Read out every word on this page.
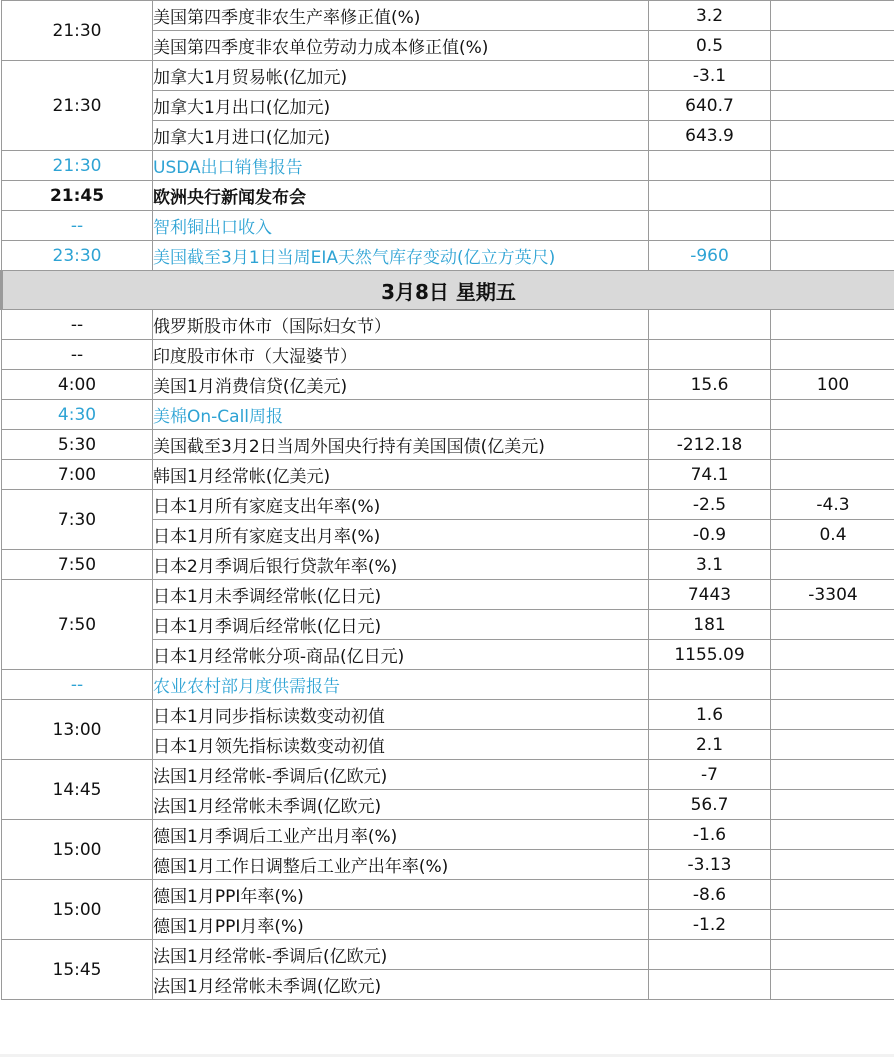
21:30	美国第四季度非农生产率修正值(%)	3.2	
	美国第四季度非农单位劳动力成本修正值(%)	0.5	
21:30	加拿大1月贸易帐(亿加元)	-3.1	
	加拿大1月出口(亿加元)	640.7	
	加拿大1月进口(亿加元)	643.9	
21:30	USDA出口销售报告		
21:45	欧洲央行新闻发布会		
--	智利铜出口收入		
23:30	美国截至3月1日当周EIA天然气库存变动(亿立方英尺)	-960	
3月8日 星期五			
--	俄罗斯股市休市（国际妇女节）		
--	印度股市休市（大湿婆节）		
4:00	美国1月消费信贷(亿美元)	15.6	100
4:30	美棉On-Call周报		
5:30	美国截至3月2日当周外国央行持有美国国债(亿美元)	-212.18	
7:00	韩国1月经常帐(亿美元)	74.1	
7:30	日本1月所有家庭支出年率(%)	-2.5	-4.3
	日本1月所有家庭支出月率(%)	-0.9	0.4
7:50	日本2月季调后银行贷款年率(%)	3.1	
7:50	日本1月未季调经常帐(亿日元)	7443	-3304
	日本1月季调后经常帐(亿日元)	181	
	日本1月经常帐分项-商品(亿日元)	1155.09	
--	农业农村部月度供需报告		
13:00	日本1月同步指标读数变动初值	1.6	
	日本1月领先指标读数变动初值	2.1	
14:45	法国1月经常帐-季调后(亿欧元)	-7	
	法国1月经常帐未季调(亿欧元)	56.7	
15:00	德国1月季调后工业产出月率(%)	-1.6	
	德国1月工作日调整后工业产出年率(%)	-3.13	
15:00	德国1月PPI年率(%)	-8.6	
	德国1月PPI月率(%)	-1.2	
15:45	法国1月经常帐-季调后(亿欧元)		
	法国1月经常帐未季调(亿欧元)		
